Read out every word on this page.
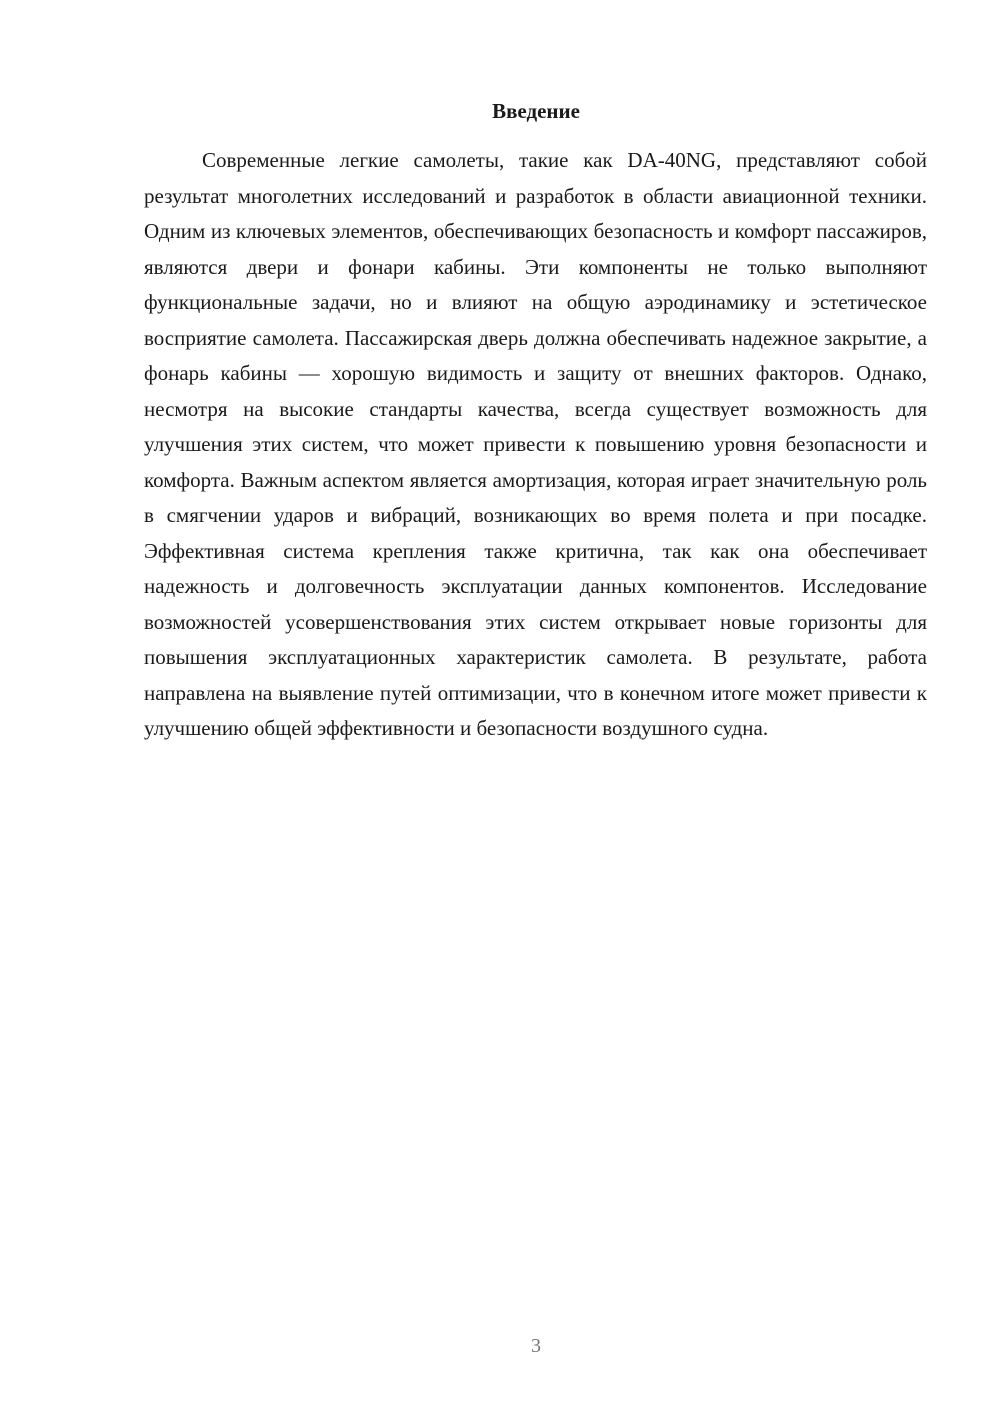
Введение

Современные легкие самолеты, такие как DA-40NG, представляют собой результат многолетних исследований и разработок в области авиационной техники. Одним из ключевых элементов, обеспечивающих безопасность и комфорт пассажиров, являются двери и фонари кабины. Эти компоненты не только выполняют функциональные задачи, но и влияют на общую аэродинамику и эстетическое восприятие самолета. Пассажирская дверь должна обеспечивать надежное закрытие, а фонарь кабины — хорошую видимость и защиту от внешних факторов. Однако, несмотря на высокие стандарты качества, всегда существует возможность для улучшения этих систем, что может привести к повышению уровня безопасности и комфорта. Важным аспектом является амортизация, которая играет значительную роль в смягчении ударов и вибраций, возникающих во время полета и при посадке. Эффективная система крепления также критична, так как она обеспечивает надежность и долговечность эксплуатации данных компонентов. Исследование возможностей усовершенствования этих систем открывает новые горизонты для повышения эксплуатационных характеристик самолета. В результате, работа направлена на выявление путей оптимизации, что в конечном итоге может привести к улучшению общей эффективности и безопасности воздушного судна.

3
